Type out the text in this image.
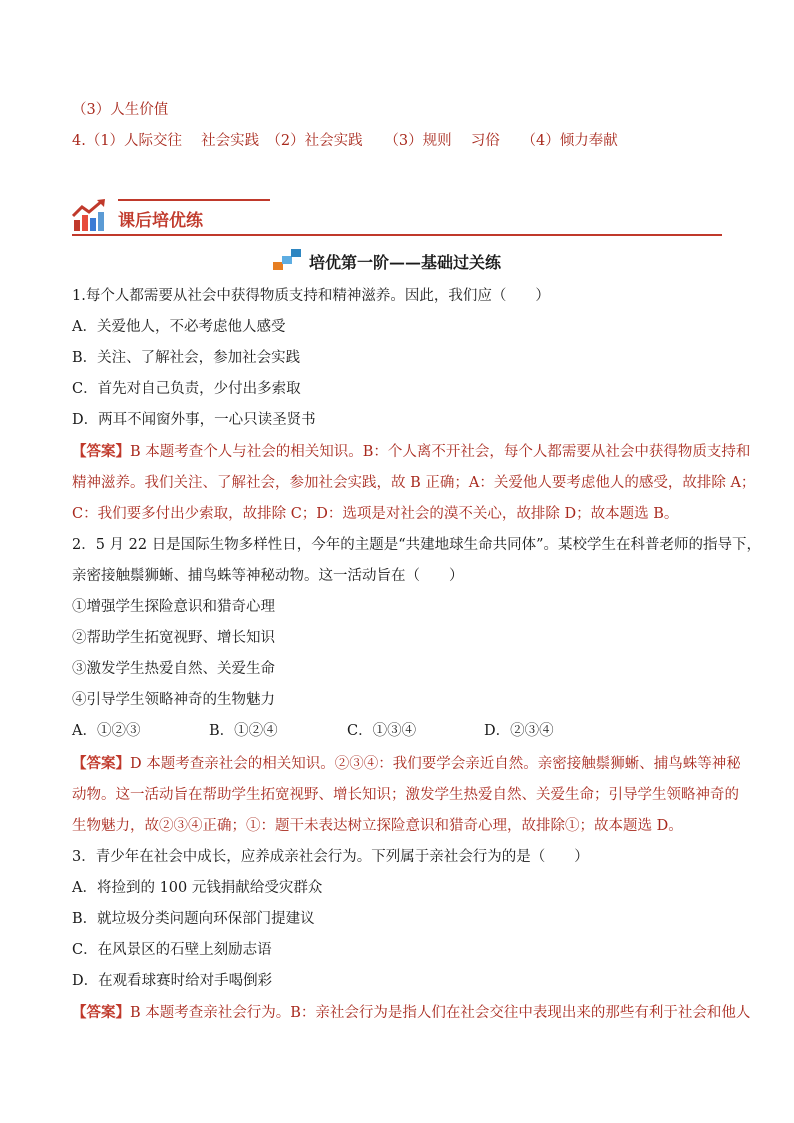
（3）人生价值
4.（1）人际交往　 社会实践　（2）社会实践　　（3）规则　 习俗　　（4）倾力奉献
课后培优练
培优第一阶——基础过关练
1.每个人都需要从社会中获得物质支持和精神滋养。因此，我们应（　　）
A．关爱他人，不必考虑他人感受
B．关注、了解社会，参加社会实践
C．首先对自己负责，少付出多索取
D．两耳不闻窗外事，一心只读圣贤书
【答案】B 本题考查个人与社会的相关知识。B：个人离不开社会，每个人都需要从社会中获得物质支持和
精神滋养。我们关注、了解社会，参加社会实践，故 B 正确；A：关爱他人要考虑他人的感受，故排除 A；
C：我们要多付出少索取，故排除 C；D：选项是对社会的漠不关心，故排除 D；故本题选 B。
2．5 月 22 日是国际生物多样性日，今年的主题是“共建地球生命共同体”。某校学生在科普老师的指导下，
亲密接触鬃狮蜥、捕鸟蛛等神秘动物。这一活动旨在（　　）
①增强学生探险意识和猎奇心理
②帮助学生拓宽视野、增长知识
③激发学生热爱自然、关爱生命
④引导学生领略神奇的生物魅力
A．①②③	B．①②④	C．①③④	D．②③④
【答案】D 本题考查亲社会的相关知识。②③④：我们要学会亲近自然。亲密接触鬃狮蜥、捕鸟蛛等神秘
动物。这一活动旨在帮助学生拓宽视野、增长知识；激发学生热爱自然、关爱生命；引导学生领略神奇的
生物魅力，故②③④正确；①：题干未表达树立探险意识和猎奇心理，故排除①；故本题选 D。
3．青少年在社会中成长，应养成亲社会行为。下列属于亲社会行为的是（　　）
A．将捡到的 100 元钱捐献给受灾群众
B．就垃圾分类问题向环保部门提建议
C．在风景区的石壁上刻励志语
D．在观看球赛时给对手喝倒彩
【答案】B 本题考查亲社会行为。B：亲社会行为是指人们在社会交往中表现出来的那些有利于社会和他人
